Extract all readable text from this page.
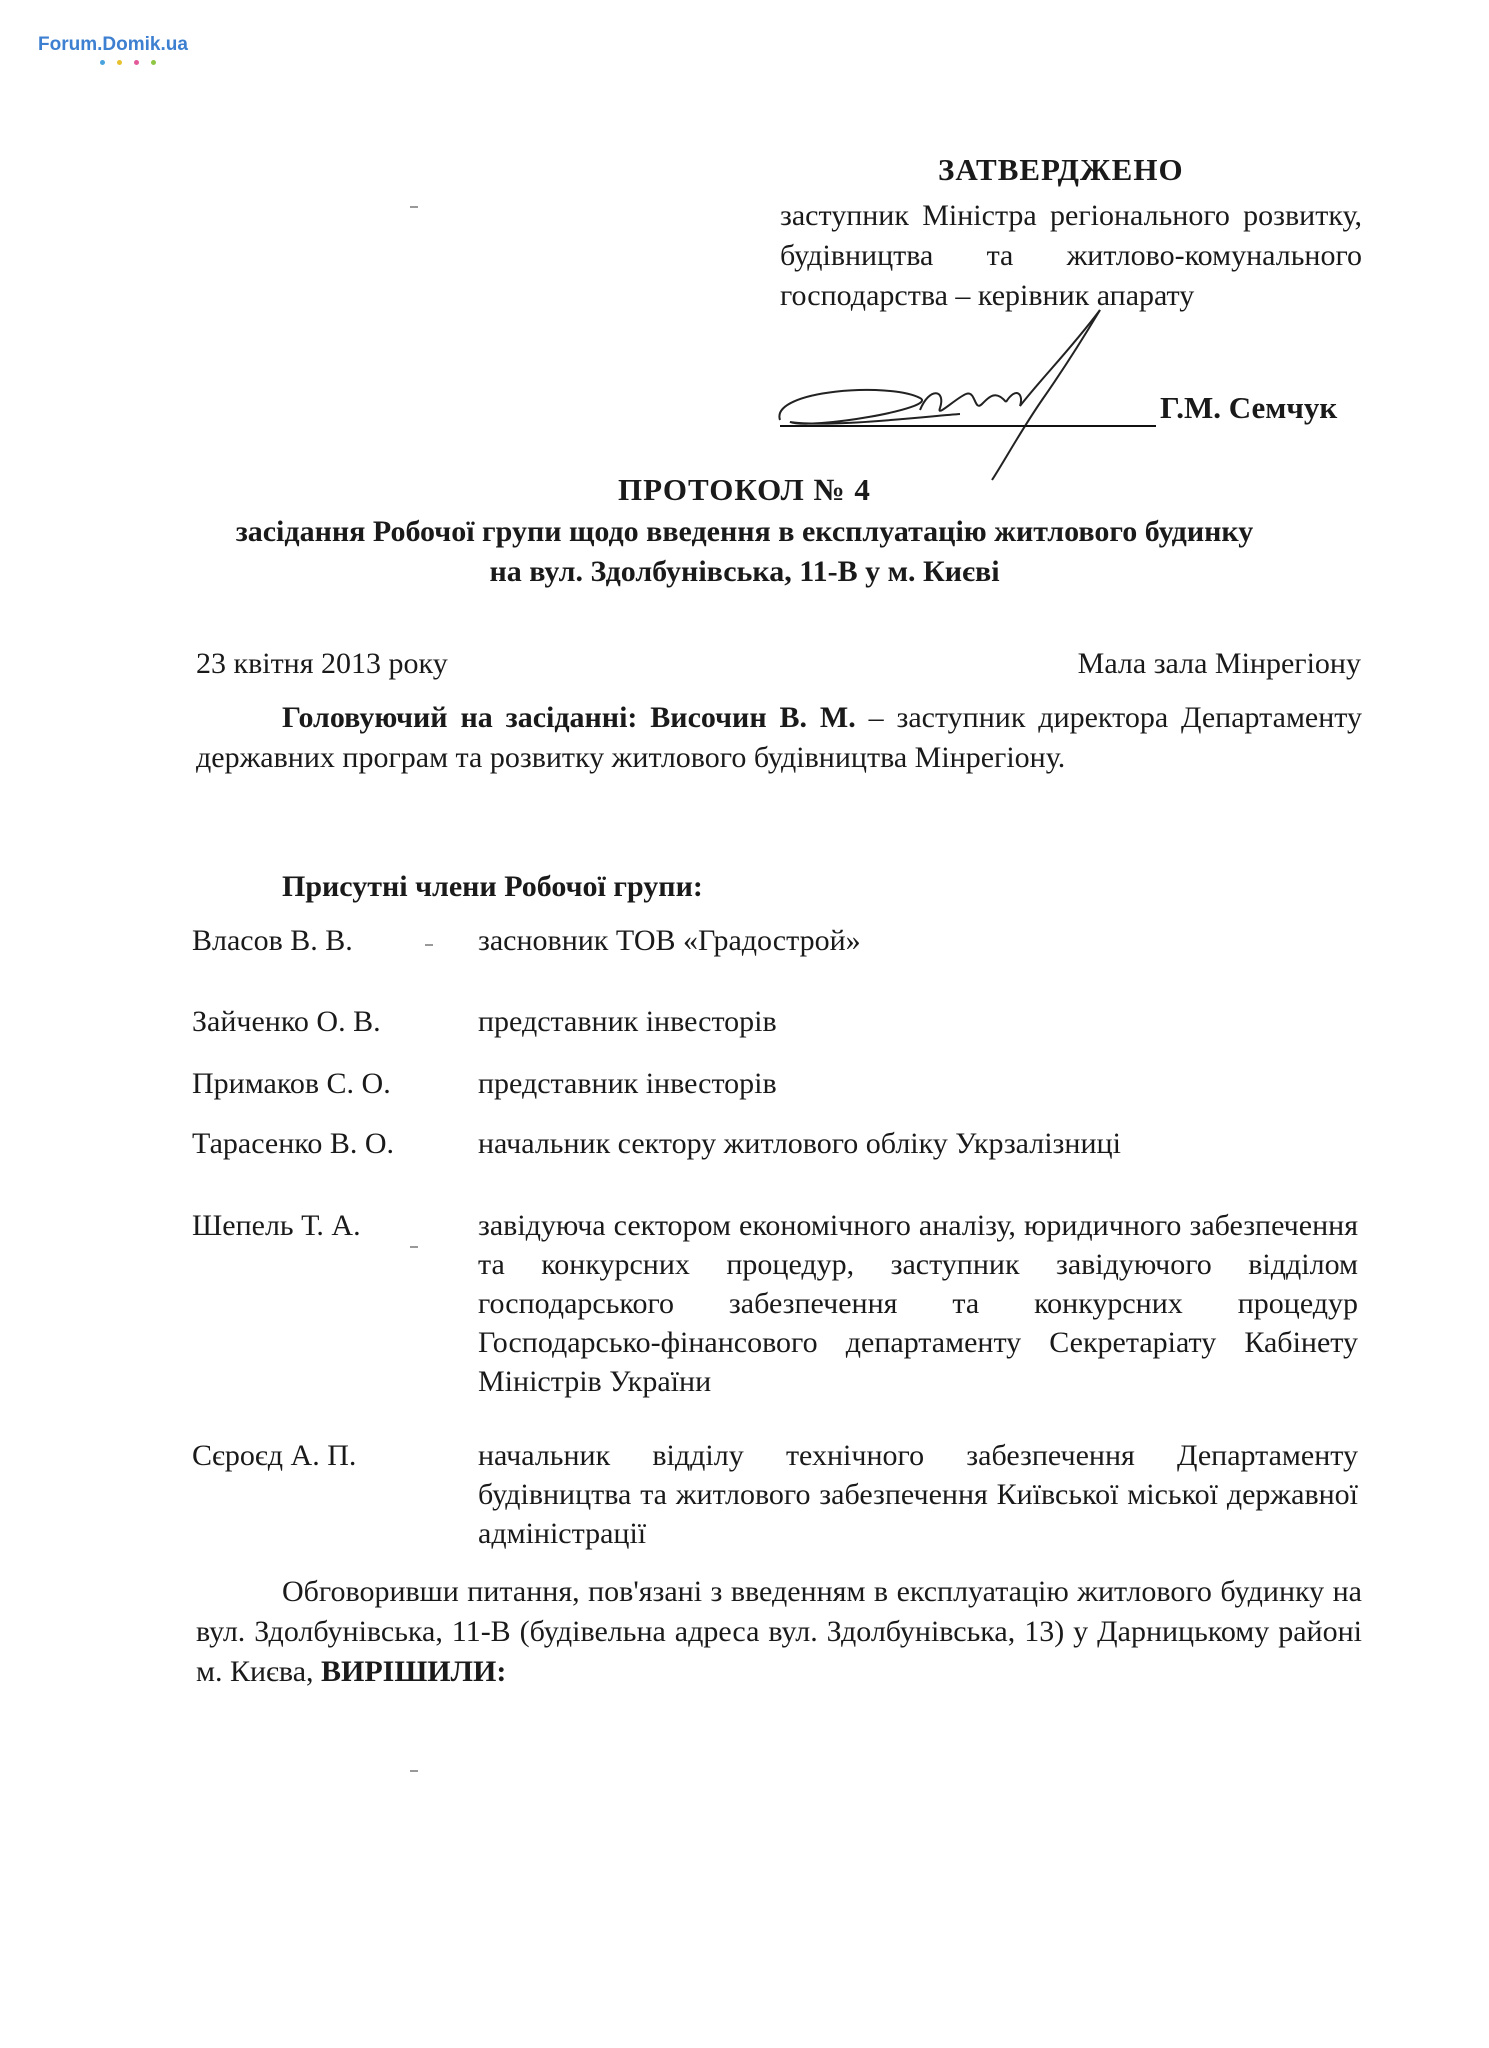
Forum.Domik.ua
ЗАТВЕРДЖЕНО
заступник Міністра регіонального розвитку, будівництва та житлово-комунального господарства – керівник апарату
Г.М. Семчук
ПРОТОКОЛ № 4
засідання Робочої групи щодо введення в експлуатацію житлового будинку
на вул. Здолбунівська, 11-В у м. Києві
23 квітня 2013 року	Мала зала Мінрегіону
Головуючий на засіданні: Височин В. М. – заступник директора Департаменту державних програм та розвитку житлового будівництва Мінрегіону.
Присутні члени Робочої групи:
Власов В. В.	засновник ТОВ «Градострой»
Зайченко О. В.	представник інвесторів
Примаков С. О.	представник інвесторів
Тарасенко В. О.	начальник сектору житлового обліку Укрзалізниці
Шепель Т. А.	завідуюча сектором економічного аналізу, юридичного забезпечення та конкурсних процедур, заступник завідуючого відділом господарського забезпечення та конкурсних процедур Господарсько-фінансового департаменту Секретаріату Кабінету Міністрів України
Сєроєд А. П.	начальник відділу технічного забезпечення Департаменту будівництва та житлового забезпечення Київської міської державної адміністрації
Обговоривши питання, пов'язані з введенням в експлуатацію житлового будинку на вул. Здолбунівська, 11-В (будівельна адреса вул. Здолбунівська, 13) у Дарницькому районі м. Києва, ВИРІШИЛИ:
